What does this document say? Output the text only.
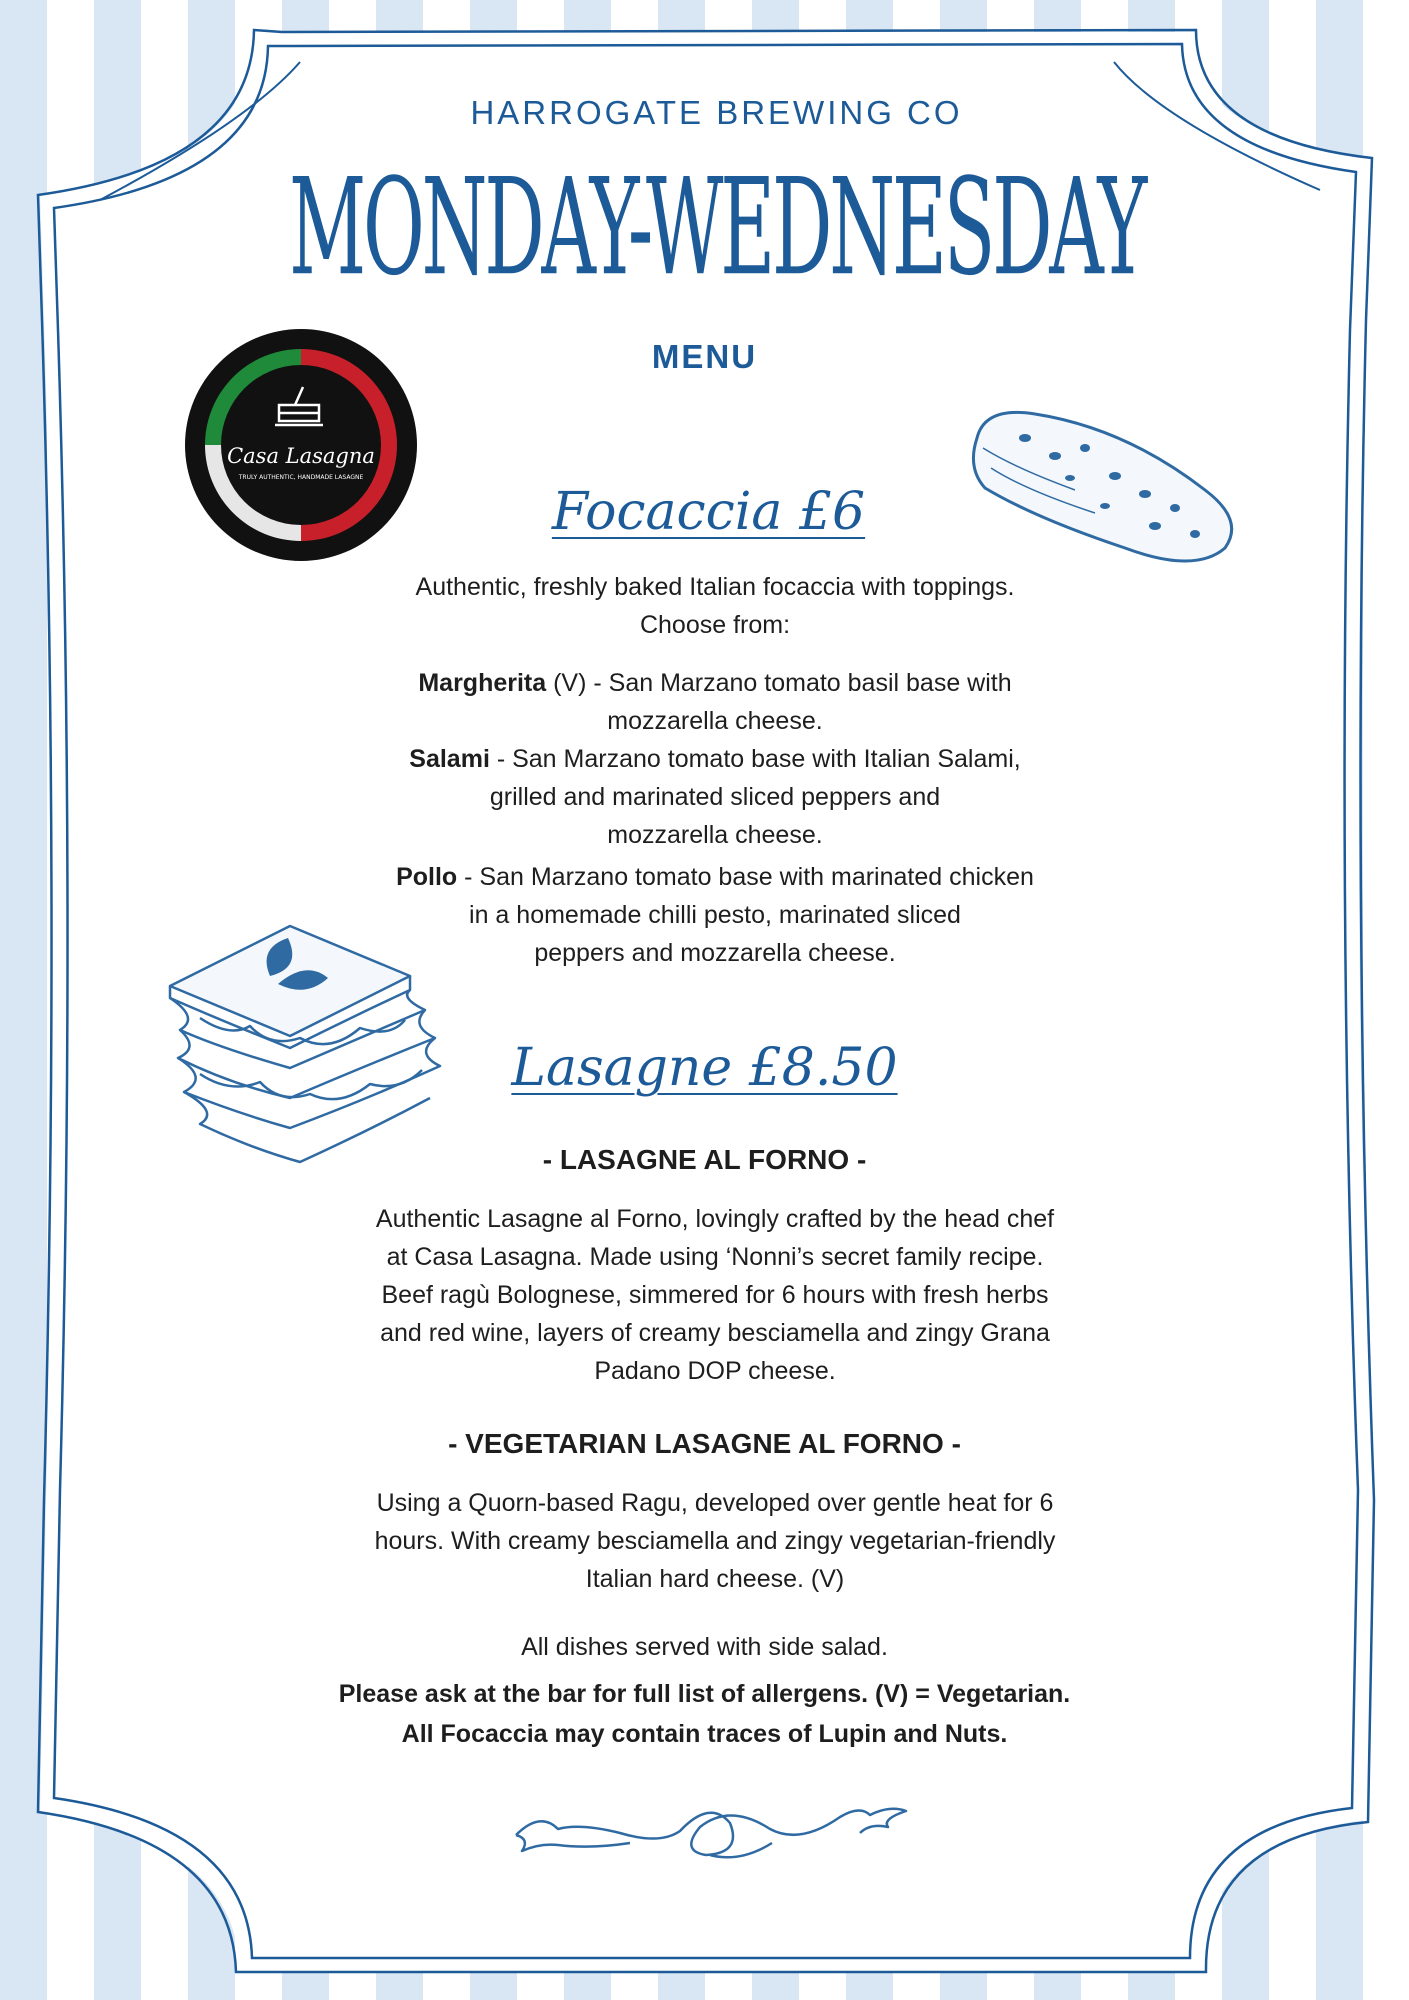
HARROGATE BREWING CO
MONDAY-WEDNESDAY
MENU
Casa Lasagna
TRULY AUTHENTIC, HANDMADE LASAGNE
Focaccia £6
Authentic, freshly baked Italian focaccia with toppings.
Choose from:
Margherita (V) - San Marzano tomato basil base with
mozzarella cheese.
Salami - San Marzano tomato base with Italian Salami,
grilled and marinated sliced peppers and
mozzarella cheese.
Pollo - San Marzano tomato base with marinated chicken
in a homemade chilli pesto, marinated sliced
peppers and mozzarella cheese.
Lasagne £8.50
- LASAGNE AL FORNO -
Authentic Lasagne al Forno, lovingly crafted by the head chef
at Casa Lasagna. Made using ‘Nonni’s secret family recipe.
Beef ragù Bolognese, simmered for 6 hours with fresh herbs
and red wine, layers of creamy besciamella and zingy Grana
Padano DOP cheese.
- VEGETARIAN LASAGNE AL FORNO -
Using a Quorn-based Ragu, developed over gentle heat for 6
hours. With creamy besciamella and zingy vegetarian-friendly
Italian hard cheese. (V)
All dishes served with side salad.
Please ask at the bar for full list of allergens. (V) = Vegetarian.
All Focaccia may contain traces of Lupin and Nuts.
